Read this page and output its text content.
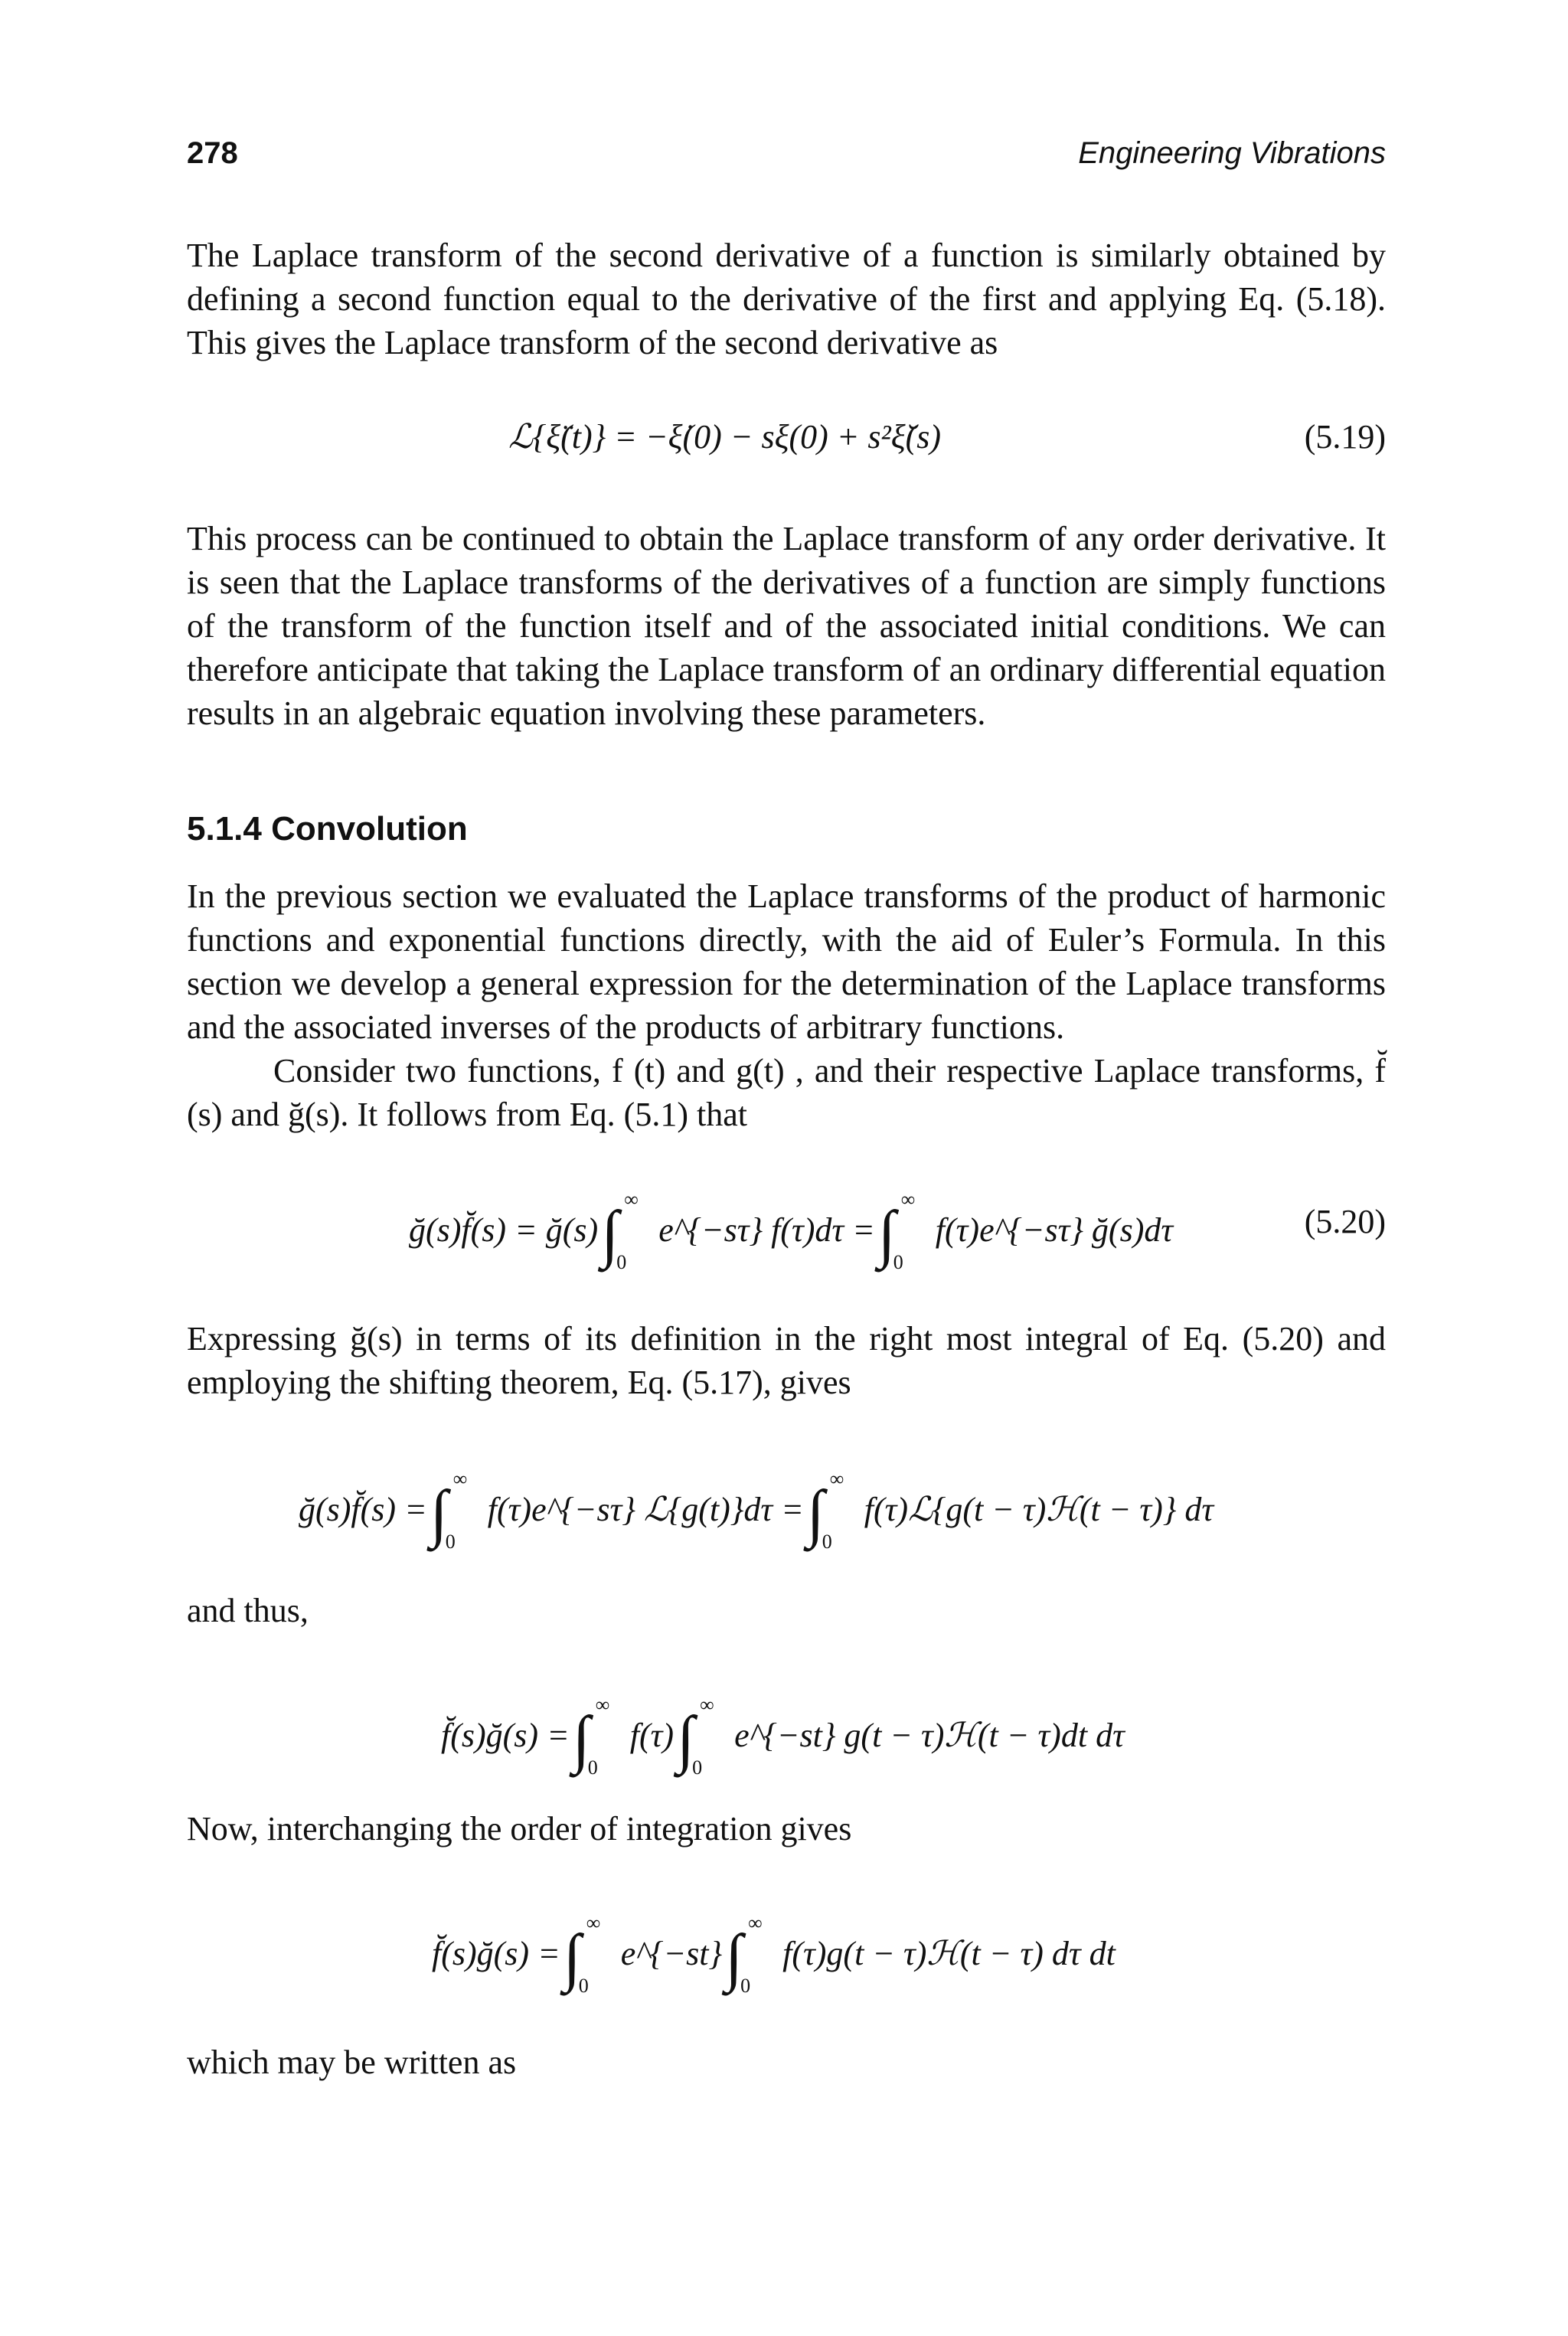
278	Engineering Vibrations

The Laplace transform of the second derivative of a function is similarly obtained by defining a second function equal to the derivative of the first and applying Eq. (5.18). This gives the Laplace transform of the second derivative as

ℒ{ξ̈(t)} = −ξ̇(0) − sξ(0) + s²ξ̆(s)	(5.19)

This process can be continued to obtain the Laplace transform of any order derivative. It is seen that the Laplace transforms of the derivatives of a function are simply functions of the transform of the function itself and of the associated initial conditions. We can therefore anticipate that taking the Laplace transform of an ordinary differential equation results in an algebraic equation involving these parameters.

5.1.4 Convolution

In the previous section we evaluated the Laplace transforms of the product of harmonic functions and exponential functions directly, with the aid of Euler’s Formula. In this section we develop a general expression for the determination of the Laplace transforms and the associated inverses of the products of arbitrary functions.

Consider two functions, f (t) and g(t) , and their respective Laplace transforms, f̆ (s) and ğ(s). It follows from Eq. (5.1) that

ğ(s)f̆(s) = ğ(s)∫ ∞
0
e^{−sτ} f(τ)dτ =∫ ∞
0
f(τ)e^{−sτ} ğ(s)dτ	(5.20)

Expressing ğ(s) in terms of its definition in the right most integral of Eq. (5.20) and employing the shifting theorem, Eq. (5.17), gives

ğ(s)f̆(s) =∫ ∞
0
f(τ)e^{−sτ} ℒ{g(t)}dτ =∫ ∞
0
f(τ)ℒ{g(t − τ)ℋ(t − τ)} dτ

and thus,

f̆(s)ğ(s) =∫ ∞
0
f(τ)∫ ∞
0
e^{−st} g(t − τ)ℋ(t − τ)dt dτ

Now, interchanging the order of integration gives

f̆(s)ğ(s) =∫ ∞
0
e^{−st}∫ ∞
0
f(τ)g(t − τ)ℋ(t − τ) dτ dt

which may be written as
